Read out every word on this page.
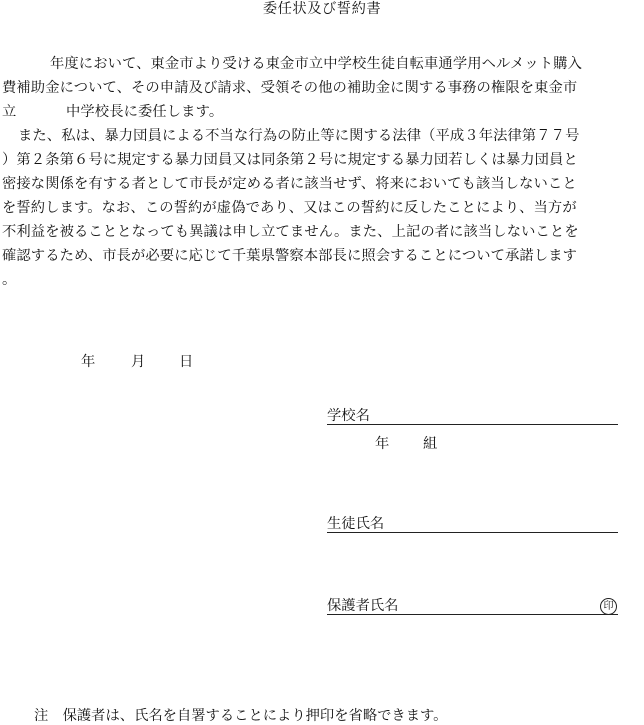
委任状及び誓約書
年度において、東金市より受ける東金市立中学校生徒自転車通学用ヘルメット購入
費補助金について、その申請及び請求、受領その他の補助金に関する事務の権限を東金市
立	中学校長に委任します。
また、私は、暴力団員による不当な行為の防止等に関する法律（平成３年法律第７７号
）第２条第６号に規定する暴力団員又は同条第２号に規定する暴力団若しくは暴力団員と
密接な関係を有する者として市長が定める者に該当せず、将来においても該当しないこと
を誓約します。なお、この誓約が虚偽であり、又はこの誓約に反したことにより、当方が
不利益を被ることとなっても異議は申し立てません。また、上記の者に該当しないことを
確認するため、市長が必要に応じて千葉県警察本部長に照会することについて承諾します
。
年 月 日
学校名
年 組
生徒氏名
保護者氏名	印
注　保護者は、氏名を自署することにより押印を省略できます。
